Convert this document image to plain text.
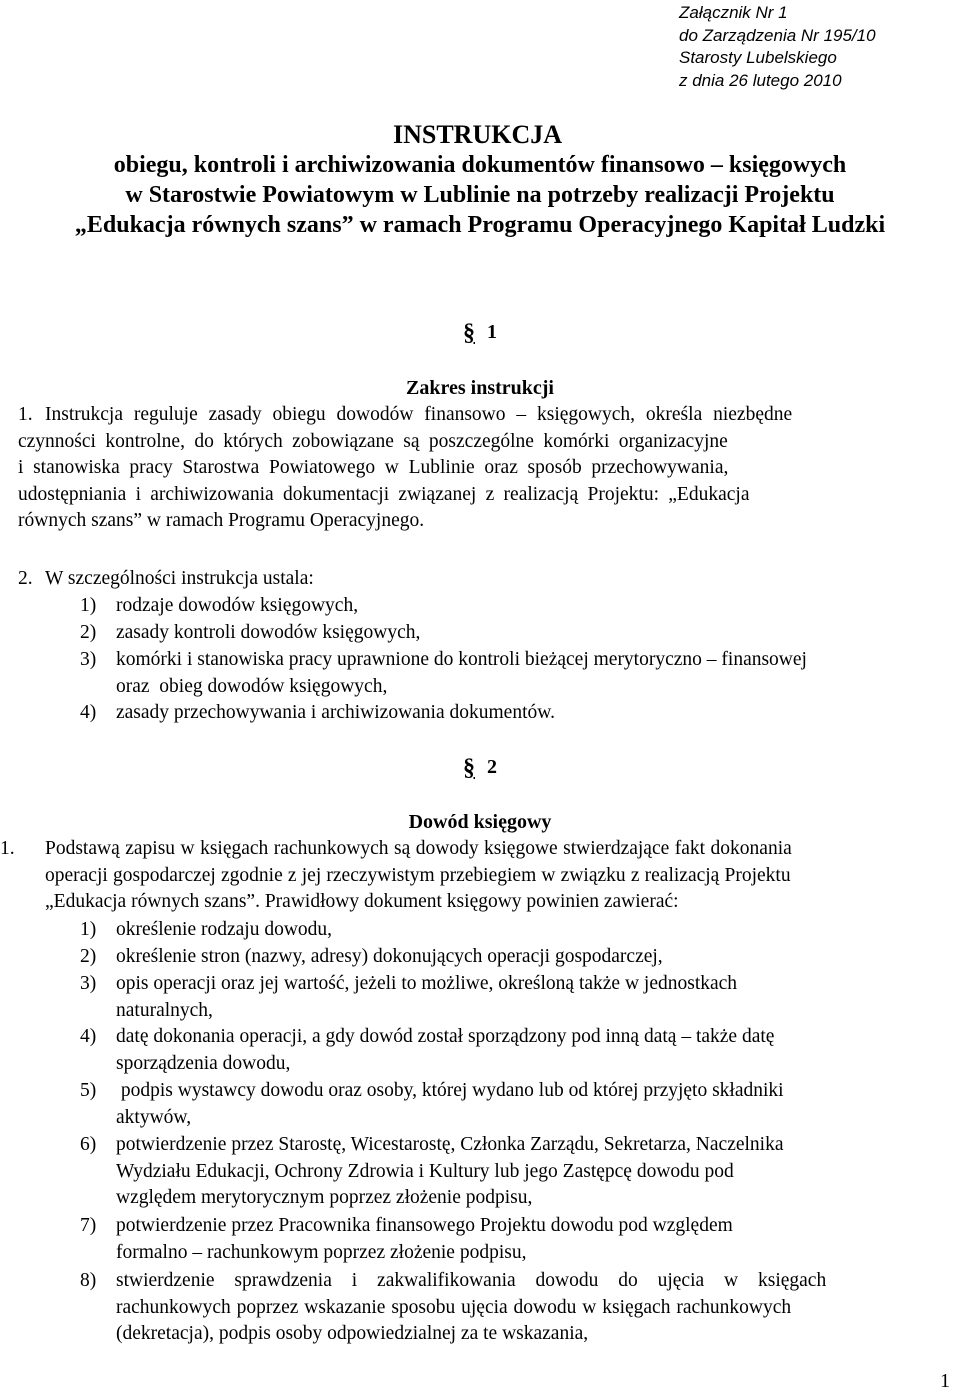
Załącznik Nr 1
do Zarządzenia Nr 195/10
Starosty Lubelskiego
z dnia 26 lutego 2010
INSTRUKCJA
obiegu, kontroli i archiwizowania dokumentów finansowo – księgowych
w Starostwie Powiatowym w Lublinie na potrzeby realizacji Projektu
„Edukacja równych szans” w ramach Programu Operacyjnego Kapitał Ludzki
§ 1
Zakres instrukcji
1. Instrukcja reguluje zasady obiegu dowodów finansowo – księgowych, określa niezbędne
czynności kontrolne, do których zobowiązane są poszczególne komórki organizacyjne
i stanowiska pracy Starostwa Powiatowego w Lublinie oraz sposób przechowywania,
udostępniania i archiwizowania dokumentacji związanej z realizacją Projektu: „Edukacja
równych szans” w ramach Programu Operacyjnego.
2. W szczególności instrukcja ustala:
1) rodzaje dowodów księgowych,
2) zasady kontroli dowodów księgowych,
3) komórki i stanowiska pracy uprawnione do kontroli bieżącej merytoryczno – finansowej
oraz  obieg dowodów księgowych,
4) zasady przechowywania i archiwizowania dokumentów.
§ 2
Dowód księgowy
1. Podstawą zapisu w księgach rachunkowych są dowody księgowe stwierdzające fakt dokonania
operacji gospodarczej zgodnie z jej rzeczywistym przebiegiem w związku z realizacją Projektu
„Edukacja równych szans”. Prawidłowy dokument księgowy powinien zawierać:
1) określenie rodzaju dowodu,
2) określenie stron (nazwy, adresy) dokonujących operacji gospodarczej,
3) opis operacji oraz jej wartość, jeżeli to możliwe, określoną także w jednostkach
naturalnych,
4) datę dokonania operacji, a gdy dowód został sporządzony pod inną datą – także datę
sporządzenia dowodu,
5) podpis wystawcy dowodu oraz osoby, której wydano lub od której przyjęto składniki
aktywów,
6) potwierdzenie przez Starostę, Wicestarostę, Członka Zarządu, Sekretarza, Naczelnika
Wydziału Edukacji, Ochrony Zdrowia i Kultury lub jego Zastępcę dowodu pod
względem merytorycznym poprzez złożenie podpisu,
7) potwierdzenie przez Pracownika finansowego Projektu dowodu pod względem
formalno – rachunkowym poprzez złożenie podpisu,
8) stwierdzenie sprawdzenia i zakwalifikowania dowodu do ujęcia w księgach
rachunkowych poprzez wskazanie sposobu ujęcia dowodu w księgach rachunkowych
(dekretacja), podpis osoby odpowiedzialnej za te wskazania,
1
